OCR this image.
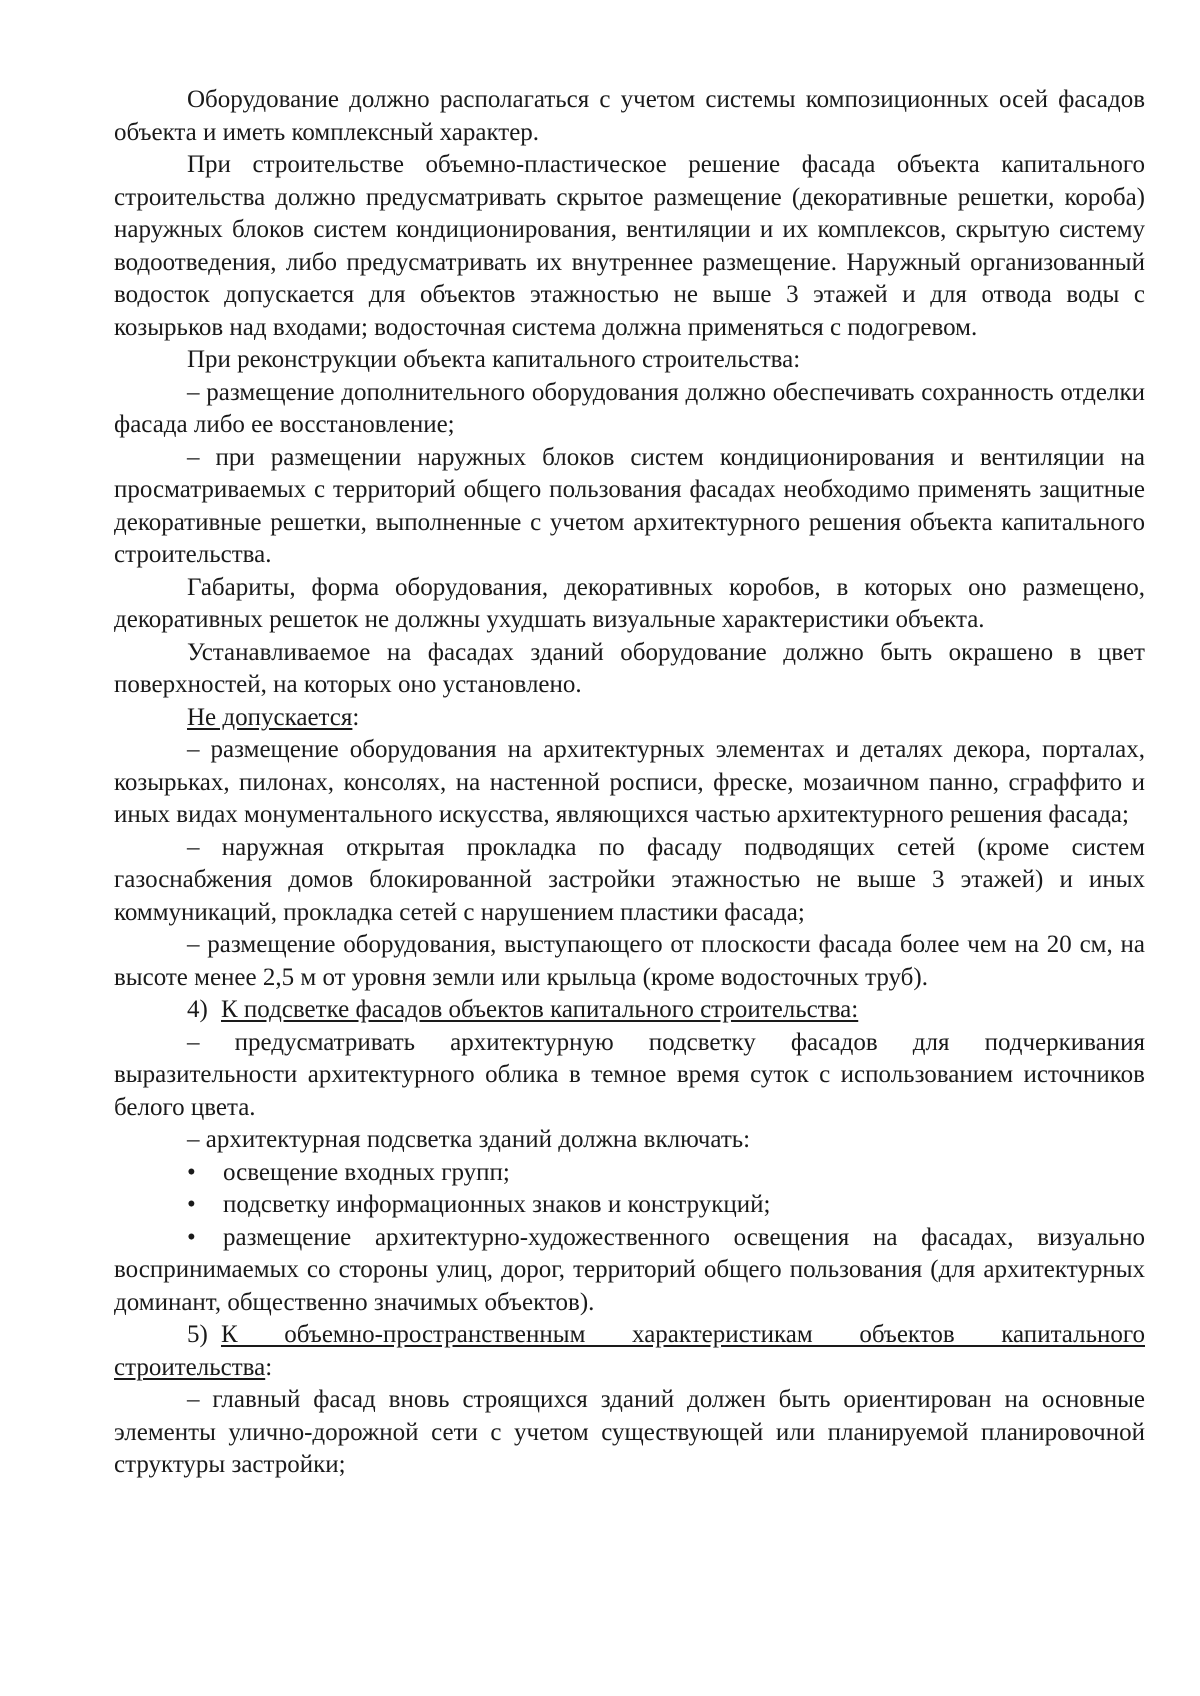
Оборудование должно располагаться с учетом системы композиционных осей фасадов объекта и иметь комплексный характер.

При строительстве объемно-пластическое решение фасада объекта капитального строительства должно предусматривать скрытое размещение (декоративные решетки, короба) наружных блоков систем кондиционирования, вентиляции и их комплексов, скрытую систему водоотведения, либо предусматривать их внутреннее размещение. Наружный организованный водосток допускается для объектов этажностью не выше 3 этажей и для отвода воды с козырьков над входами; водосточная система должна применяться с подогревом.

При реконструкции объекта капитального строительства:

– размещение дополнительного оборудования должно обеспечивать сохранность отделки фасада либо ее восстановление;

– при размещении наружных блоков систем кондиционирования и вентиляции на просматриваемых с территорий общего пользования фасадах необходимо применять защитные декоративные решетки, выполненные с учетом архитектурного решения объекта капитального строительства.

Габариты, форма оборудования, декоративных коробов, в которых оно размещено, декоративных решеток не должны ухудшать визуальные характеристики объекта.

Устанавливаемое на фасадах зданий оборудование должно быть окрашено в цвет поверхностей, на которых оно установлено.

Не допускается:

– размещение оборудования на архитектурных элементах и деталях декора, порталах, козырьках, пилонах, консолях, на настенной росписи, фреске, мозаичном панно, сграффито и иных видах монументального искусства, являющихся частью архитектурного решения фасада;

– наружная открытая прокладка по фасаду подводящих сетей (кроме систем газоснабжения домов блокированной застройки этажностью не выше 3 этажей) и иных коммуникаций, прокладка сетей с нарушением пластики фасада;

– размещение оборудования, выступающего от плоскости фасада более чем на 20 см, на высоте менее 2,5 м от уровня земли или крыльца (кроме водосточных труб).

4) К подсветке фасадов объектов капитального строительства:

– предусматривать архитектурную подсветку фасадов для подчеркивания выразительности архитектурного облика в темное время суток с использованием источников белого цвета.

– архитектурная подсветка зданий должна включать:

• освещение входных групп;

• подсветку информационных знаков и конструкций;

• размещение архитектурно-художественного освещения на фасадах, визуально воспринимаемых со стороны улиц, дорог, территорий общего пользования (для архитектурных доминант, общественно значимых объектов).

5) К объемно-пространственным характеристикам объектов капитального строительства:

– главный фасад вновь строящихся зданий должен быть ориентирован на основные элементы улично-дорожной сети с учетом существующей или планируемой планировочной структуры застройки;
